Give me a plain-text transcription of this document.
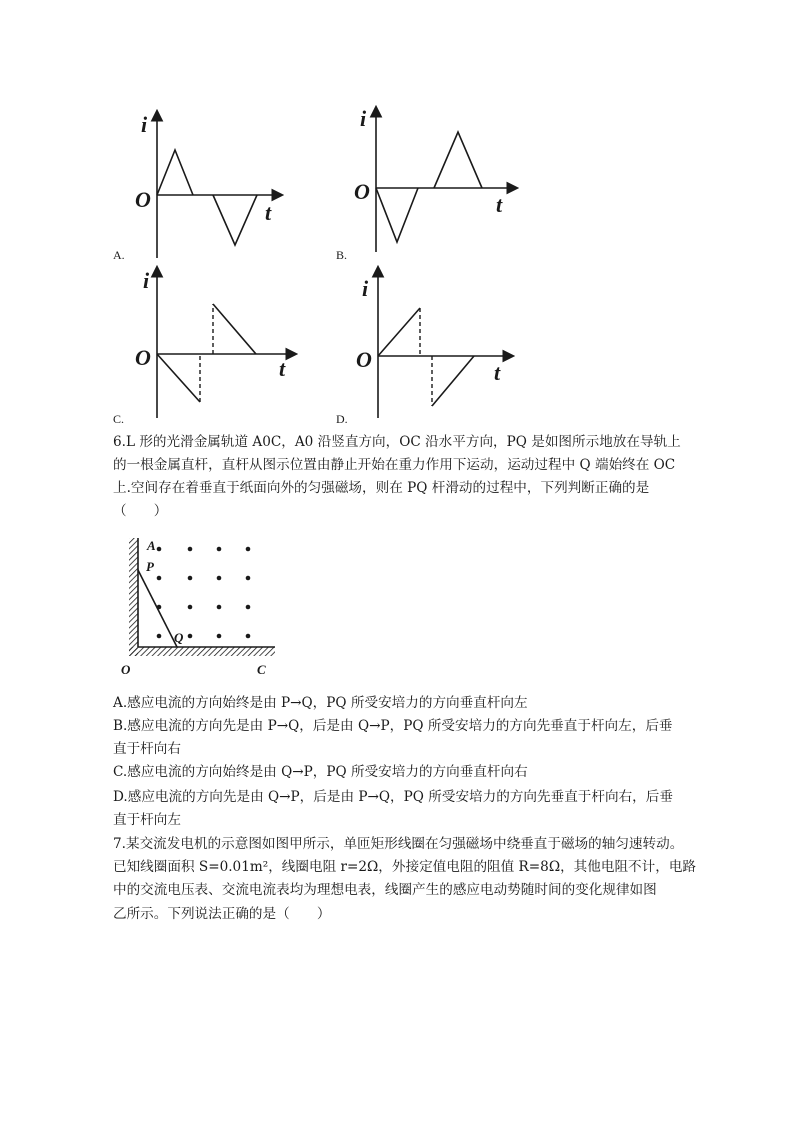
i
O
t
A.
i
O
t
B.
i
O	t
C.
i
O
t
D.
6.L 形的光滑金属轨道 A0C，A0 沿竖直方向，OC 沿水平方向，PQ 是如图所示地放在导轨上
的一根金属直杆，直杆从图示位置由静止开始在重力作用下运动，运动过程中 Q 端始终在 OC
上.空间存在着垂直于纸面向外的匀强磁场，则在 PQ 杆滑动的过程中，下列判断正确的是
（　　）
A
P
Q
O	C
A.感应电流的方向始终是由 P→Q，PQ 所受安培力的方向垂直杆向左
B.感应电流的方向先是由 P→Q，后是由 Q→P，PQ 所受安培力的方向先垂直于杆向左，后垂
直于杆向右
C.感应电流的方向始终是由 Q→P，PQ 所受安培力的方向垂直杆向右
D.感应电流的方向先是由 Q→P，后是由 P→Q，PQ 所受安培力的方向先垂直于杆向右，后垂
直于杆向左
7.某交流发电机的示意图如图甲所示，单匝矩形线圈在匀强磁场中绕垂直于磁场的轴匀速转动。
已知线圈面积 S=0.01m²，线圈电阻 r=2Ω，外接定值电阻的阻值 R=8Ω，其他电阻不计，电路
中的交流电压表、交流电流表均为理想电表，线圈产生的感应电动势随时间的变化规律如图
乙所示。下列说法正确的是（　　）
